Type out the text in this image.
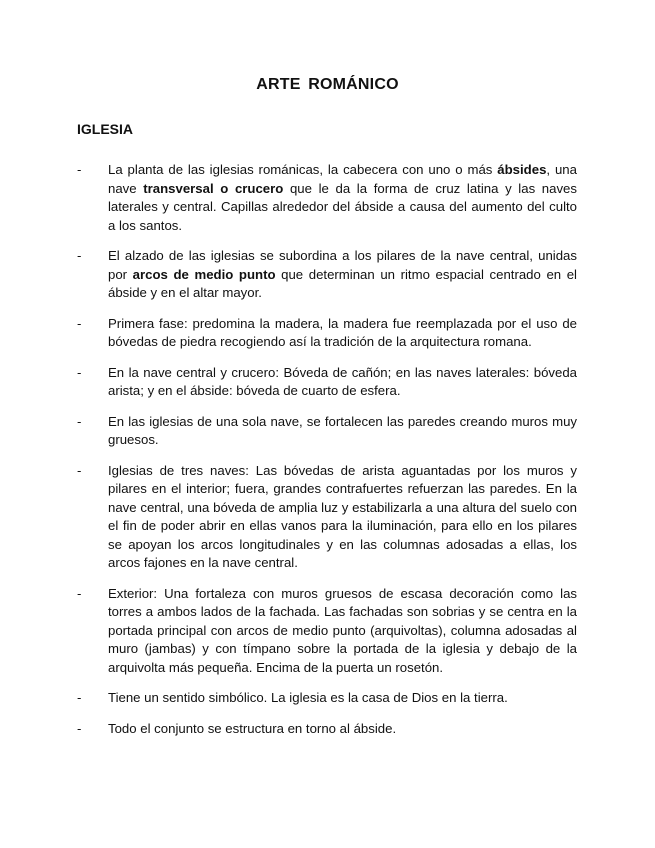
ARTE ROMÁNICO
IGLESIA
- La planta de las iglesias románicas, la cabecera con uno o más ábsides, una nave transversal o crucero que le da la forma de cruz latina y las naves laterales y central. Capillas alrededor del ábside a causa del aumento del culto a los santos.
- El alzado de las iglesias se subordina a los pilares de la nave central, unidas por arcos de medio punto que determinan un ritmo espacial centrado en el ábside y en el altar mayor.
- Primera fase: predomina la madera, la madera fue reemplazada por el uso de bóvedas de piedra recogiendo así la tradición de la arquitectura romana.
- En la nave central y crucero: Bóveda de cañón; en las naves laterales: bóveda arista; y en el ábside: bóveda de cuarto de esfera.
- En las iglesias de una sola nave, se fortalecen las paredes creando muros muy gruesos.
- Iglesias de tres naves: Las bóvedas de arista aguantadas por los muros y pilares en el interior; fuera, grandes contrafuertes refuerzan las paredes. En la nave central, una bóveda de amplia luz y estabilizarla a una altura del suelo con el fin de poder abrir en ellas vanos para la iluminación, para ello en los pilares se apoyan los arcos longitudinales y en las columnas adosadas a ellas, los arcos fajones en la nave central.
- Exterior: Una fortaleza con muros gruesos de escasa decoración como las torres a ambos lados de la fachada. Las fachadas son sobrias y se centra en la portada principal con arcos de medio punto (arquivoltas), columna adosadas al muro (jambas) y con tímpano sobre la portada de la iglesia y debajo de la arquivolta más pequeña. Encima de la puerta un rosetón.
- Tiene un sentido simbólico. La iglesia es la casa de Dios en la tierra.
- Todo el conjunto se estructura en torno al ábside.
